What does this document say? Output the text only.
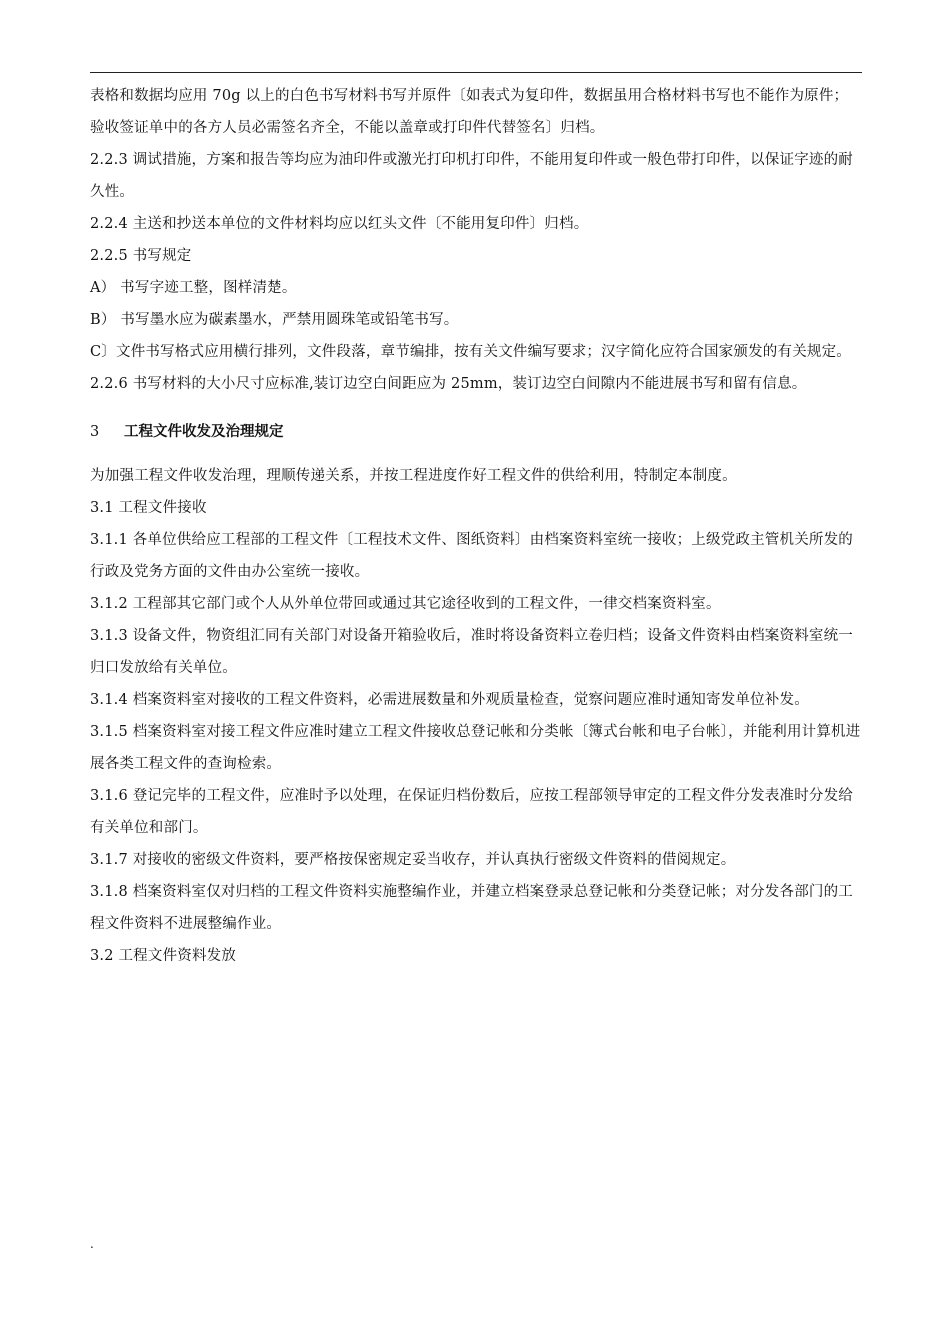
表格和数据均应用 70g 以上的白色书写材料书写并原件〔如表式为复印件，数据虽用合格材料书写也不能作为原件；验收签证单中的各方人员必需签名齐全，不能以盖章或打印件代替签名〕归档。

2.2.3 调试措施，方案和报告等均应为油印件或激光打印机打印件，不能用复印件或一般色带打印件，以保证字迹的耐久性。

2.2.4 主送和抄送本单位的文件材料均应以红头文件〔不能用复印件〕归档。

2.2.5 书写规定

A） 书写字迹工整，图样清楚。

B） 书写墨水应为碳素墨水，严禁用圆珠笔或铅笔书写。

C〕文件书写格式应用横行排列，文件段落，章节编排，按有关文件编写要求；汉字简化应符合国家颁发的有关规定。

2.2.6 书写材料的大小尺寸应标准,装订边空白间距应为 25mm，装订边空白间隙内不能进展书写和留有信息。

3 工程文件收发及治理规定

为加强工程文件收发治理，理顺传递关系，并按工程进度作好工程文件的供给利用，特制定本制度。

3.1 工程文件接收

3.1.1 各单位供给应工程部的工程文件〔工程技术文件、图纸资料〕由档案资料室统一接收；上级党政主管机关所发的行政及党务方面的文件由办公室统一接收。

3.1.2 工程部其它部门或个人从外单位带回或通过其它途径收到的工程文件，一律交档案资料室。

3.1.3 设备文件，物资组汇同有关部门对设备开箱验收后，准时将设备资料立卷归档；设备文件资料由档案资料室统一归口发放给有关单位。

3.1.4 档案资料室对接收的工程文件资料，必需进展数量和外观质量检查，觉察问题应准时通知寄发单位补发。

3.1.5 档案资料室对接工程文件应准时建立工程文件接收总登记帐和分类帐〔簿式台帐和电子台帐〕，并能利用计算机进展各类工程文件的查询检索。

3.1.6 登记完毕的工程文件，应准时予以处理，在保证归档份数后，应按工程部领导审定的工程文件分发表准时分发给有关单位和部门。

3.1.7 对接收的密级文件资料，要严格按保密规定妥当收存，并认真执行密级文件资料的借阅规定。

3.1.8 档案资料室仅对归档的工程文件资料实施整编作业，并建立档案登录总登记帐和分类登记帐；对分发各部门的工程文件资料不进展整编作业。

3.2 工程文件资料发放

.
